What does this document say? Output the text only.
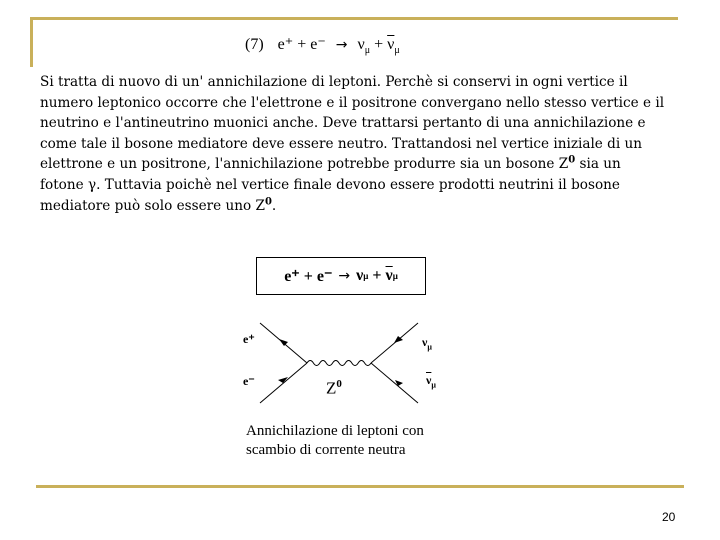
(7) $e^+ + e^- \to \nu_\mu + \overline{\nu}_\mu$

Si tratta di nuovo di un' annichilazione di leptoni. Perchè si conservi in ogni vertice il
numero leptonico occorre che l'elettrone e il positrone convergano nello stesso vertice e il
neutrino e l'antineutrino muonici anche. Deve trattarsi pertanto di una annichilazione e
come tale il bosone mediatore deve essere neutro. Trattandosi nel vertice iniziale di un
elettrone e un positrone, l'annichilazione potrebbe produrre sia un bosone $Z^0$ sia un
fotone γ. Tuttavia poichè nel vertice finale devono essere prodotti neutrini il bosone
mediatore può solo essere uno $Z^0$.

e⁺ + e⁻ → ν $\mu + \overline{\nu}$ μ
e⁺
e⁻
$\nu_\mu$
$\overline{\nu}_\mu$
$Z^0$

Annichilazione di leptoni con
scambio di corrente neutra

20
